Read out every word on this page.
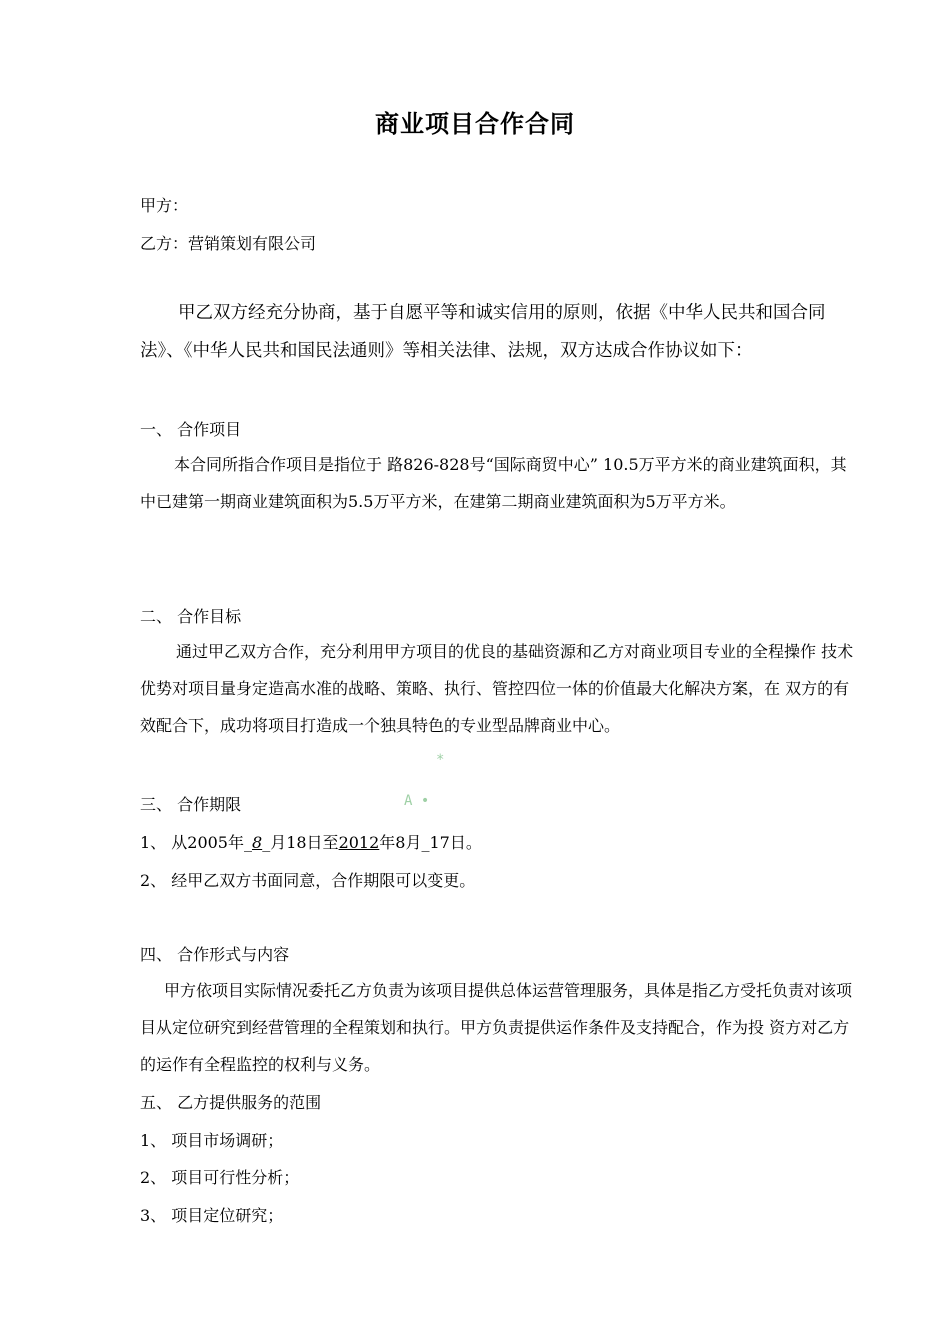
商业项目合作合同
甲方：
乙方：营销策划有限公司
甲乙双方经充分协商，基于自愿平等和诚实信用的原则，依据《中华人民共和国合同法》、《中华人民共和国民法通则》等相关法律、法规，双方达成合作协议如下：
一、 合作项目
本合同所指合作项目是指位于 路826-828号“国际商贸中心” 10.5万平方米的商业建筑面积，其中已建第一期商业建筑面积为5.5万平方米，在建第二期商业建筑面积为5万平方米。
二、 合作目标
通过甲乙双方合作，充分利用甲方项目的优良的基础资源和乙方对商业项目专业的全程操作 技术优势对项目量身定造高水准的战略、策略、执行、管控四位一体的价值最大化解决方案，在 双方的有效配合下，成功将项目打造成一个独具特色的专业型品牌商业中心。
*
三、 合作期限	A •
1、 从2005年_8_月18日至2012年8月_17日。
2、 经甲乙双方书面同意，合作期限可以变更。
四、 合作形式与内容
甲方依项目实际情况委托乙方负责为该项目提供总体运营管理服务，具体是指乙方受托负责对该项目从定位研究到经营管理的全程策划和执行。甲方负责提供运作条件及支持配合，作为投 资方对乙方的运作有全程监控的权利与义务。
五、 乙方提供服务的范围
1、 项目市场调研；
2、 项目可行性分析；
3、 项目定位研究；
